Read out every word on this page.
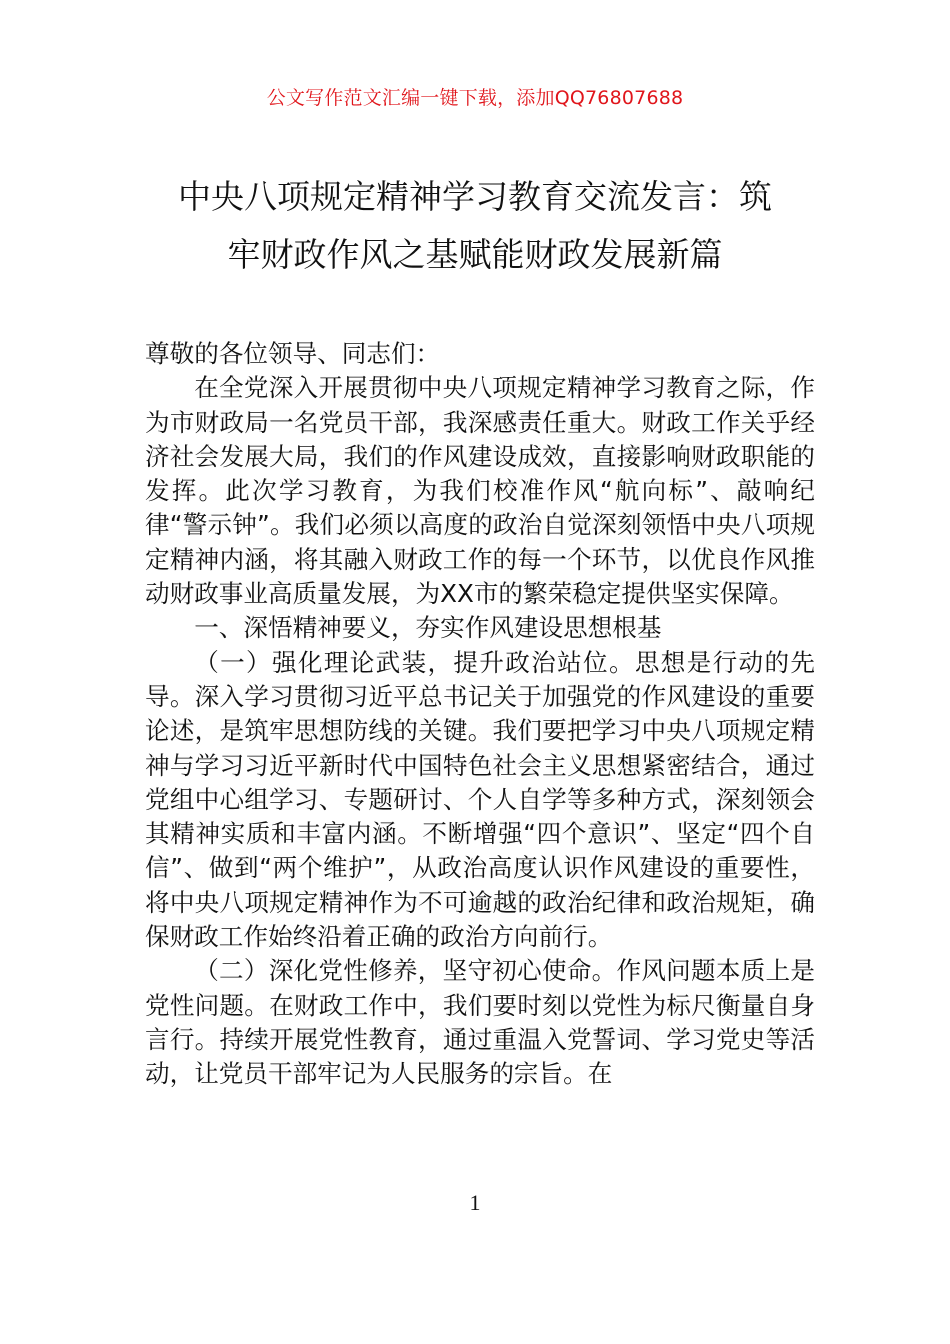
公文写作范文汇编一键下载，添加QQ76807688
中央八项规定精神学习教育交流发言：筑
牢财政作风之基赋能财政发展新篇

尊敬的各位领导、同志们：

在全党深入开展贯彻中央八项规定精神学习教育之际，作为市财政局一名党员干部，我深感责任重大。财政工作关乎经济社会发展大局，我们的作风建设成效，直接影响财政职能的发挥。此次学习教育，为我们校准作风“航向标”、敲响纪律“警示钟”。我们必须以高度的政治自觉深刻领悟中央八项规定精神内涵，将其融入财政工作的每一个环节，以优良作风推动财政事业高质量发展，为XX市的繁荣稳定提供坚实保障。

一、深悟精神要义，夯实作风建设思想根基

（一）强化理论武装，提升政治站位。思想是行动的先导。深入学习贯彻习近平总书记关于加强党的作风建设的重要论述，是筑牢思想防线的关键。我们要把学习中央八项规定精神与学习习近平新时代中国特色社会主义思想紧密结合，通过党组中心组学习、专题研讨、个人自学等多种方式，深刻领会其精神实质和丰富内涵。不断增强“四个意识”、坚定“四个自信”、做到“两个维护”，从政治高度认识作风建设的重要性，将中央八项规定精神作为不可逾越的政治纪律和政治规矩，确保财政工作始终沿着正确的政治方向前行。

（二）深化党性修养，坚守初心使命。作风问题本质上是党性问题。在财政工作中，我们要时刻以党性为标尺衡量自身言行。持续开展党性教育，通过重温入党誓词、学习党史等活动，让党员干部牢记为人民服务的宗旨。在

1
